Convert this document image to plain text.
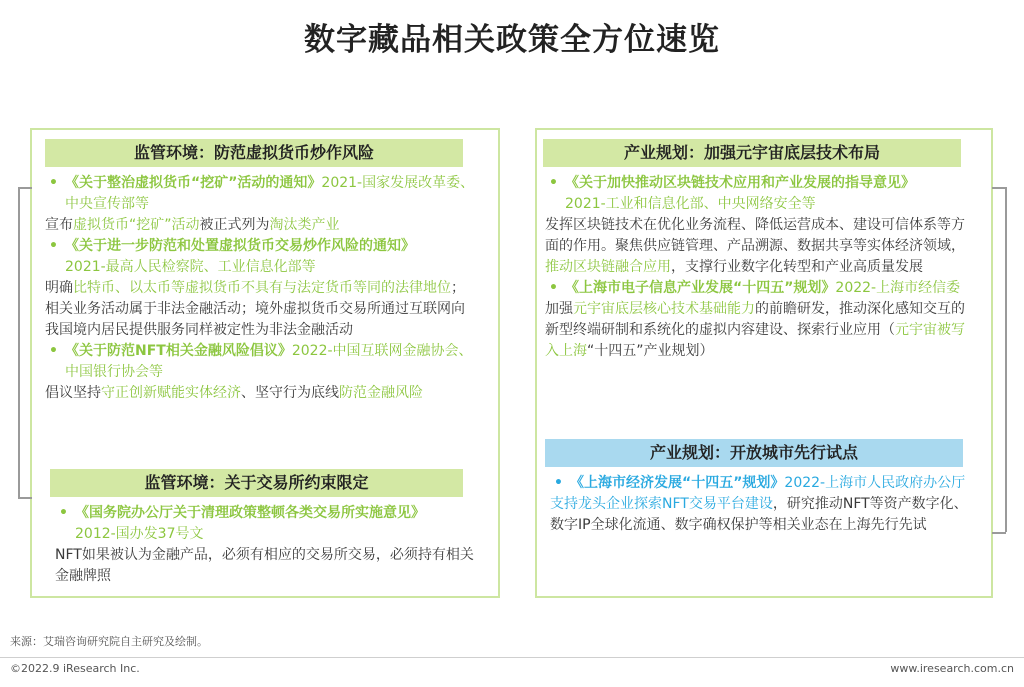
数字藏品相关政策全方位速览
监管环境：防范虚拟货币炒作风险
• 《关于整治虚拟货币“挖矿”活动的通知》2021-国家发展改革委、中央宣传部等
宣布虚拟货币“挖矿”活动被正式列为淘汰类产业
• 《关于进一步防范和处置虚拟货币交易炒作风险的通知》
2021-最高人民检察院、工业信息化部等
明确比特币、以太币等虚拟货币不具有与法定货币等同的法律地位；相关业务活动属于非法金融活动；境外虚拟货币交易所通过互联网向我国境内居民提供服务同样被定性为非法金融活动
• 《关于防范NFT相关金融风险倡议》2022-中国互联网金融协会、中国银行协会等
倡议坚持守正创新赋能实体经济、坚守行为底线防范金融风险
监管环境：关于交易所约束限定
• 《国务院办公厅关于清理政策整顿各类交易所实施意见》
2012-国办发37号文
NFT如果被认为金融产品，必须有相应的交易所交易，必须持有相关金融牌照
产业规划：加强元宇宙底层技术布局
• 《关于加快推动区块链技术应用和产业发展的指导意见》
2021-工业和信息化部、中央网络安全等
发挥区块链技术在优化业务流程、降低运营成本、建设可信体系等方面的作用。聚焦供应链管理、产品溯源、数据共享等实体经济领域，推动区块链融合应用，支撑行业数字化转型和产业高质量发展
• 《上海市电子信息产业发展“十四五”规划》2022-上海市经信委
加强元宇宙底层核心技术基础能力的前瞻研发，推动深化感知交互的新型终端研制和系统化的虚拟内容建设、探索行业应用（元宇宙被写入上海“十四五”产业规划）
产业规划：开放城市先行试点
• 《上海市经济发展“十四五”规划》2022-上海市人民政府办公厅
支持龙头企业探索NFT交易平台建设，研究推动NFT等资产数字化、数字IP全球化流通、数字确权保护等相关业态在上海先行先试
来源：艾瑞咨询研究院自主研究及绘制。
©2022.9 iResearch Inc.	www.iresearch.com.cn
